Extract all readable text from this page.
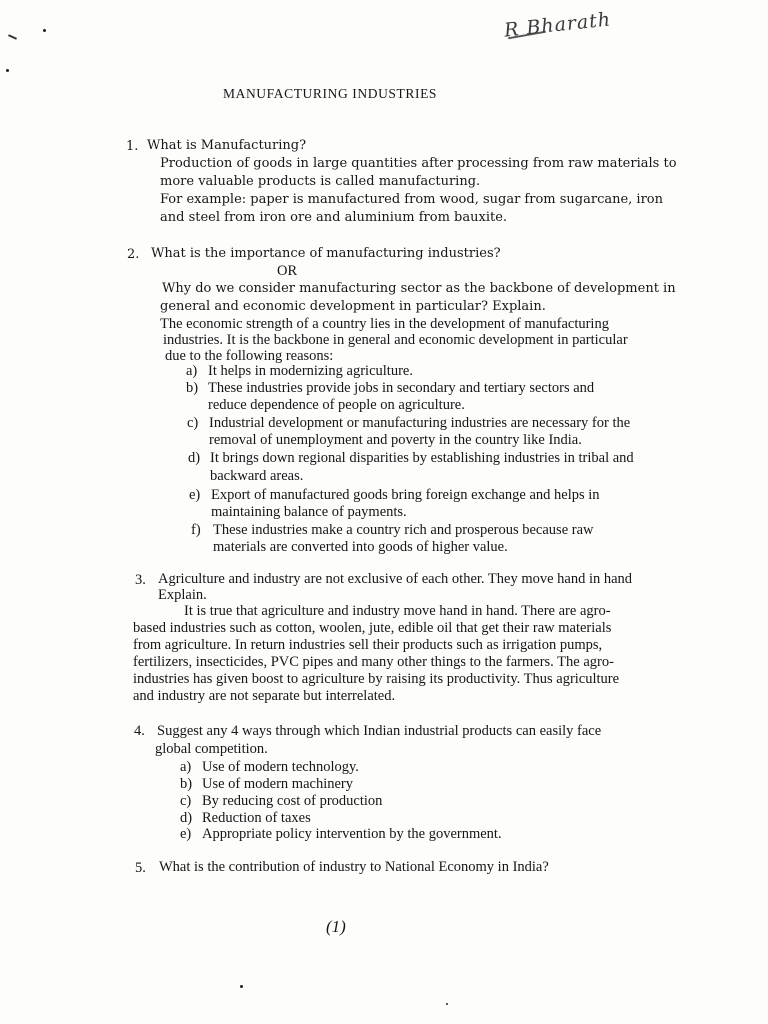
R Bharath
MANUFACTURING INDUSTRIES
1. What is Manufacturing?
Production of goods in large quantities after processing from raw materials to
more valuable products is called manufacturing.
For example: paper is manufactured from wood, sugar from sugarcane, iron
and steel from iron ore and aluminium from bauxite.
2. What is the importance of manufacturing industries?
OR
Why do we consider manufacturing sector as the backbone of development in
general and economic development in particular? Explain.
The economic strength of a country lies in the development of manufacturing
industries. It is the backbone in general and economic development in particular
due to the following reasons:
a) It helps in modernizing agriculture.
b) These industries provide jobs in secondary and tertiary sectors and
reduce dependence of people on agriculture.
c) Industrial development or manufacturing industries are necessary for the
removal of unemployment and poverty in the country like India.
d) It brings down regional disparities by establishing industries in tribal and
backward areas.
e) Export of manufactured goods bring foreign exchange and helps in
maintaining balance of payments.
f) These industries make a country rich and prosperous because raw
materials are converted into goods of higher value.
3. Agriculture and industry are not exclusive of each other. They move hand in hand
Explain.
It is true that agriculture and industry move hand in hand. There are agro-
based industries such as cotton, woolen, jute, edible oil that get their raw materials
from agriculture. In return industries sell their products such as irrigation pumps,
fertilizers, insecticides, PVC pipes and many other things to the farmers. The agro-
industries has given boost to agriculture by raising its productivity. Thus agriculture
and industry are not separate but interrelated.
4. Suggest any 4 ways through which Indian industrial products can easily face
global competition.
a) Use of modern technology.
b) Use of modern machinery
c) By reducing cost of production
d) Reduction of taxes
e) Appropriate policy intervention by the government.
5. What is the contribution of industry to National Economy in India?
(1)
